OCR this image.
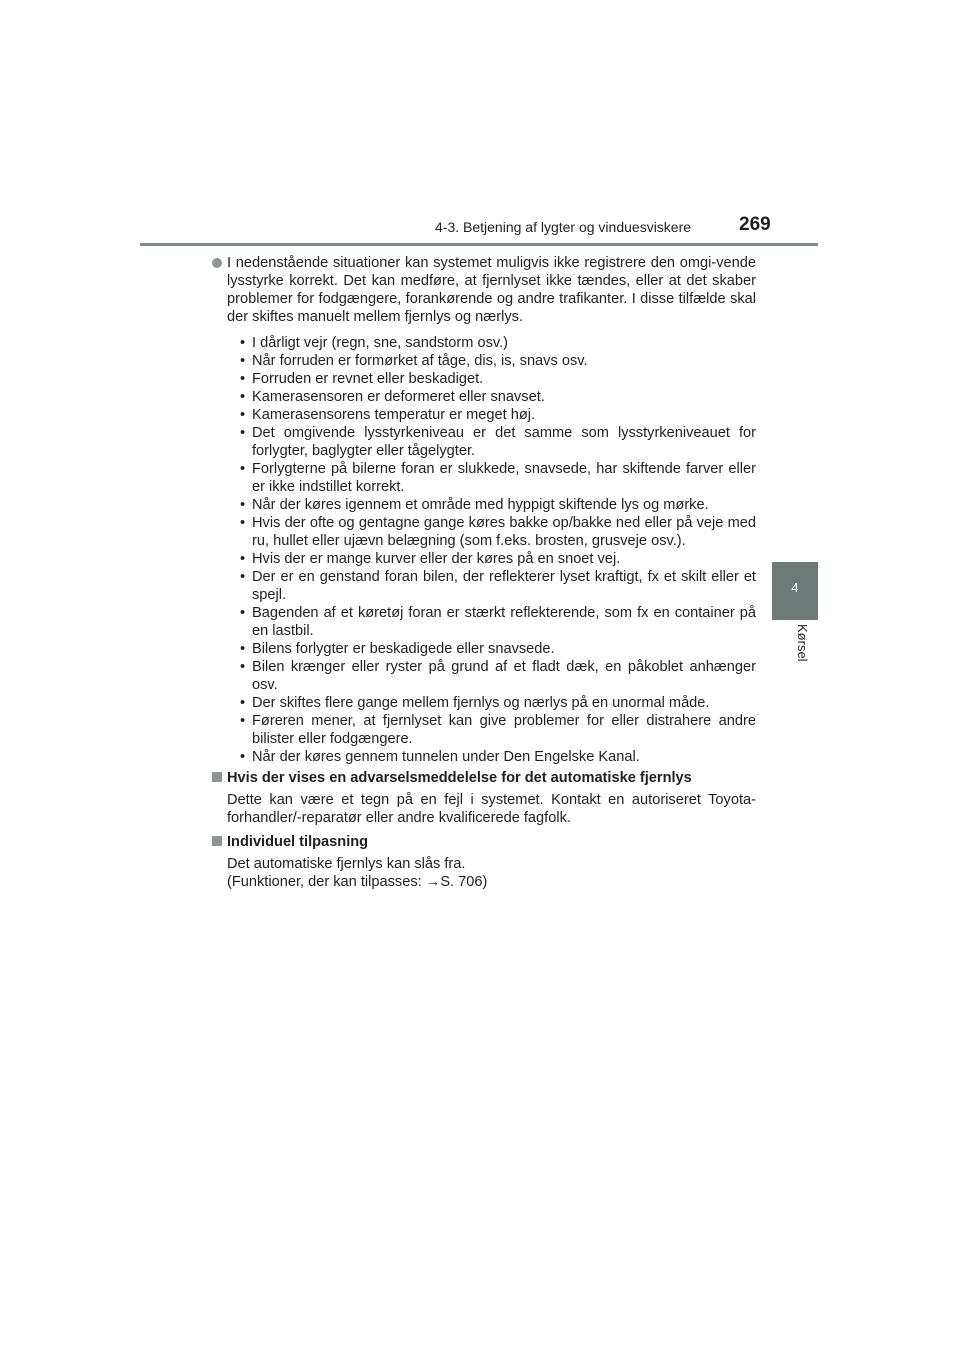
4-3. Betjening af lygter og vinduesviskere	269
4
Kørsel
I nedenstående situationer kan systemet muligvis ikke registrere den omgi-vende lysstyrke korrekt. Det kan medføre, at fjernlyset ikke tændes, eller at det skaber problemer for fodgængere, forankørende og andre trafikanter. I disse tilfælde skal der skiftes manuelt mellem fjernlys og nærlys.
• I dårligt vejr (regn, sne, sandstorm osv.)
• Når forruden er formørket af tåge, dis, is, snavs osv.
• Forruden er revnet eller beskadiget.
• Kamerasensoren er deformeret eller snavset.
• Kamerasensorens temperatur er meget høj.
• Det omgivende lysstyrkeniveau er det samme som lysstyrkeniveauet for forlygter, baglygter eller tågelygter.
• Forlygterne på bilerne foran er slukkede, snavsede, har skiftende farver eller er ikke indstillet korrekt.
• Når der køres igennem et område med hyppigt skiftende lys og mørke.
• Hvis der ofte og gentagne gange køres bakke op/bakke ned eller på veje med ru, hullet eller ujævn belægning (som f.eks. brosten, grusveje osv.).
• Hvis der er mange kurver eller der køres på en snoet vej.
• Der er en genstand foran bilen, der reflekterer lyset kraftigt, fx et skilt eller et spejl.
• Bagenden af et køretøj foran er stærkt reflekterende, som fx en container på en lastbil.
• Bilens forlygter er beskadigede eller snavsede.
• Bilen krænger eller ryster på grund af et fladt dæk, en påkoblet anhænger osv.
• Der skiftes flere gange mellem fjernlys og nærlys på en unormal måde.
• Føreren mener, at fjernlyset kan give problemer for eller distrahere andre bilister eller fodgængere.
• Når der køres gennem tunnelen under Den Engelske Kanal.
Hvis der vises en advarselsmeddelelse for det automatiske fjernlys
Dette kan være et tegn på en fejl i systemet. Kontakt en autoriseret Toyota-forhandler/-reparatør eller andre kvalificerede fagfolk.
Individuel tilpasning
Det automatiske fjernlys kan slås fra.
(Funktioner, der kan tilpasses: →S. 706)
